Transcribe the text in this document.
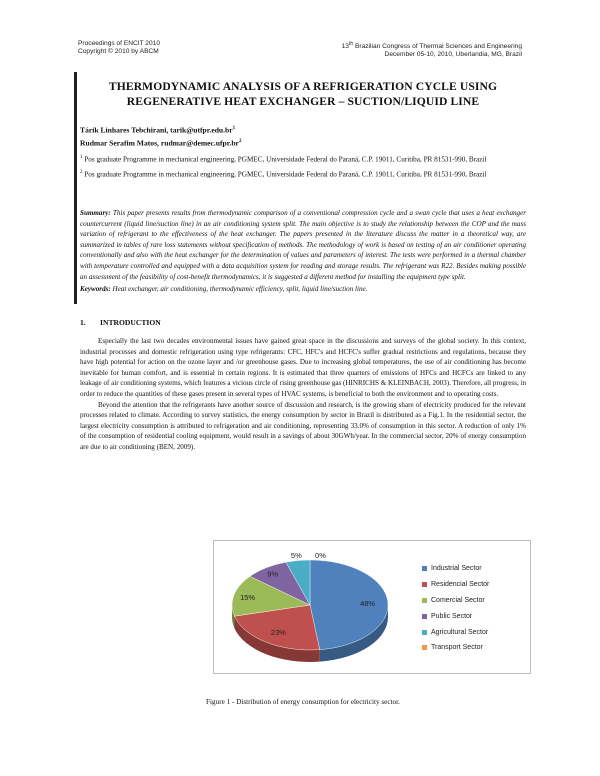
Proceedings of ENCIT 2010
Copyright © 2010 by ABCM
13th Brazilian Congress of Thermal Sciences and Engineering
December 05-10, 2010, Uberlandia, MG, Brazil
THERMODYNAMIC ANALYSIS OF A REFRIGERATION CYCLE USING
REGENERATIVE HEAT EXCHANGER – SUCTION/LIQUID LINE
Tárik Linhares Tebchirani, $tarik@utfpr.edu.br^1$
Rudmar Serafim Matos, $rudmar@demec.ufpr.br^2$

$^1$ Pos graduate Programme in mechanical engineering, PGMEC, Universidade Federal do Paraná, C.P. 19011, Curitiba, PR 81531-990, Brazil

$^2$ Pos graduate Programme in mechanical engineering, PGMEC, Universidade Federal do Paraná, C.P. 19011, Curitiba, PR 81531-990, Brazil

Summary: This paper presents results from thermodynamic comparison of a conventional compression cycle and a swan cycle that uses a heat exchanger countercurrent (liquid line/suction line) in an air conditioning system split. The main objective is to study the relationship between the COP and the mass variation of refrigerant to the effectiveness of the heat exchanger. The papers presented in the literature discuss the matter in a theoretical way, are summarized in tables of rare loss statements without specification of methods. The methodology of work is based on testing of an air conditioner operating conventionally and also with the heat exchanger for the determination of values and parameters of interest. The tests were performed in a thermal chamber with temperature controlled and equipped with a data acquisition system for reading and storage results. The refrigerant was R22. Besides making possible an assessment of the feasibility of cost-benefit thermodynamics, it is suggested a different method for installing the equipment type split.
Keywords: Heat exchanger, air conditioning, thermodynamic efficiency, split, liquid line/suction line.
1. INTRODUCTION

Especially the last two decades environmental issues have gained great space in the discussions and surveys of the global society. In this context, industrial processes and domestic refrigeration using type refrigerants: CFC, HFC's and HCFC's suffer gradual restrictions and regulations, because they have high potential for action on the ozone layer and /or greenhouse gases. Due to increasing global temperatures, the use of air conditioning has become inevitable for human comfort, and is essential in certain regions. It is estimated that three quarters of emissions of HFCs and HCFCs are linked to any leakage of air conditioning systems, which features a vicious circle of rising greenhouse gas (HINRICHS & KLEINBACH, 2003). Therefore, all progress, in order to reduce the quantities of these gases present in several types of HVAC systems, is beneficial to both the environment and to operating costs.

Beyond the attention that the refrigerants have another source of discussion and research, is the growing share of electricity produced for the relevant processes related to climate. According to survey statistics, the energy consumption by sector in Brazil is distributed as a Fig.1. In the residential sector, the largest electricity consumption is attributed to refrigeration and air conditioning, representing 33.0% of consumption in this sector. A reduction of only 1% of the consumption of residential cooling equipment, would result in a savings of about 30GWh/year. In the commercial sector, 20% of energy consumption are due to air conditioning (BEN, 2009).

48%
23%
15%
9%
5% 0%
Industrial Sector
Residencial Sector
Comercial Sector
Public Sector
Agricultural Sector
Transport Sector
Figure 1 - Distribution of energy consumption for electricity sector.
